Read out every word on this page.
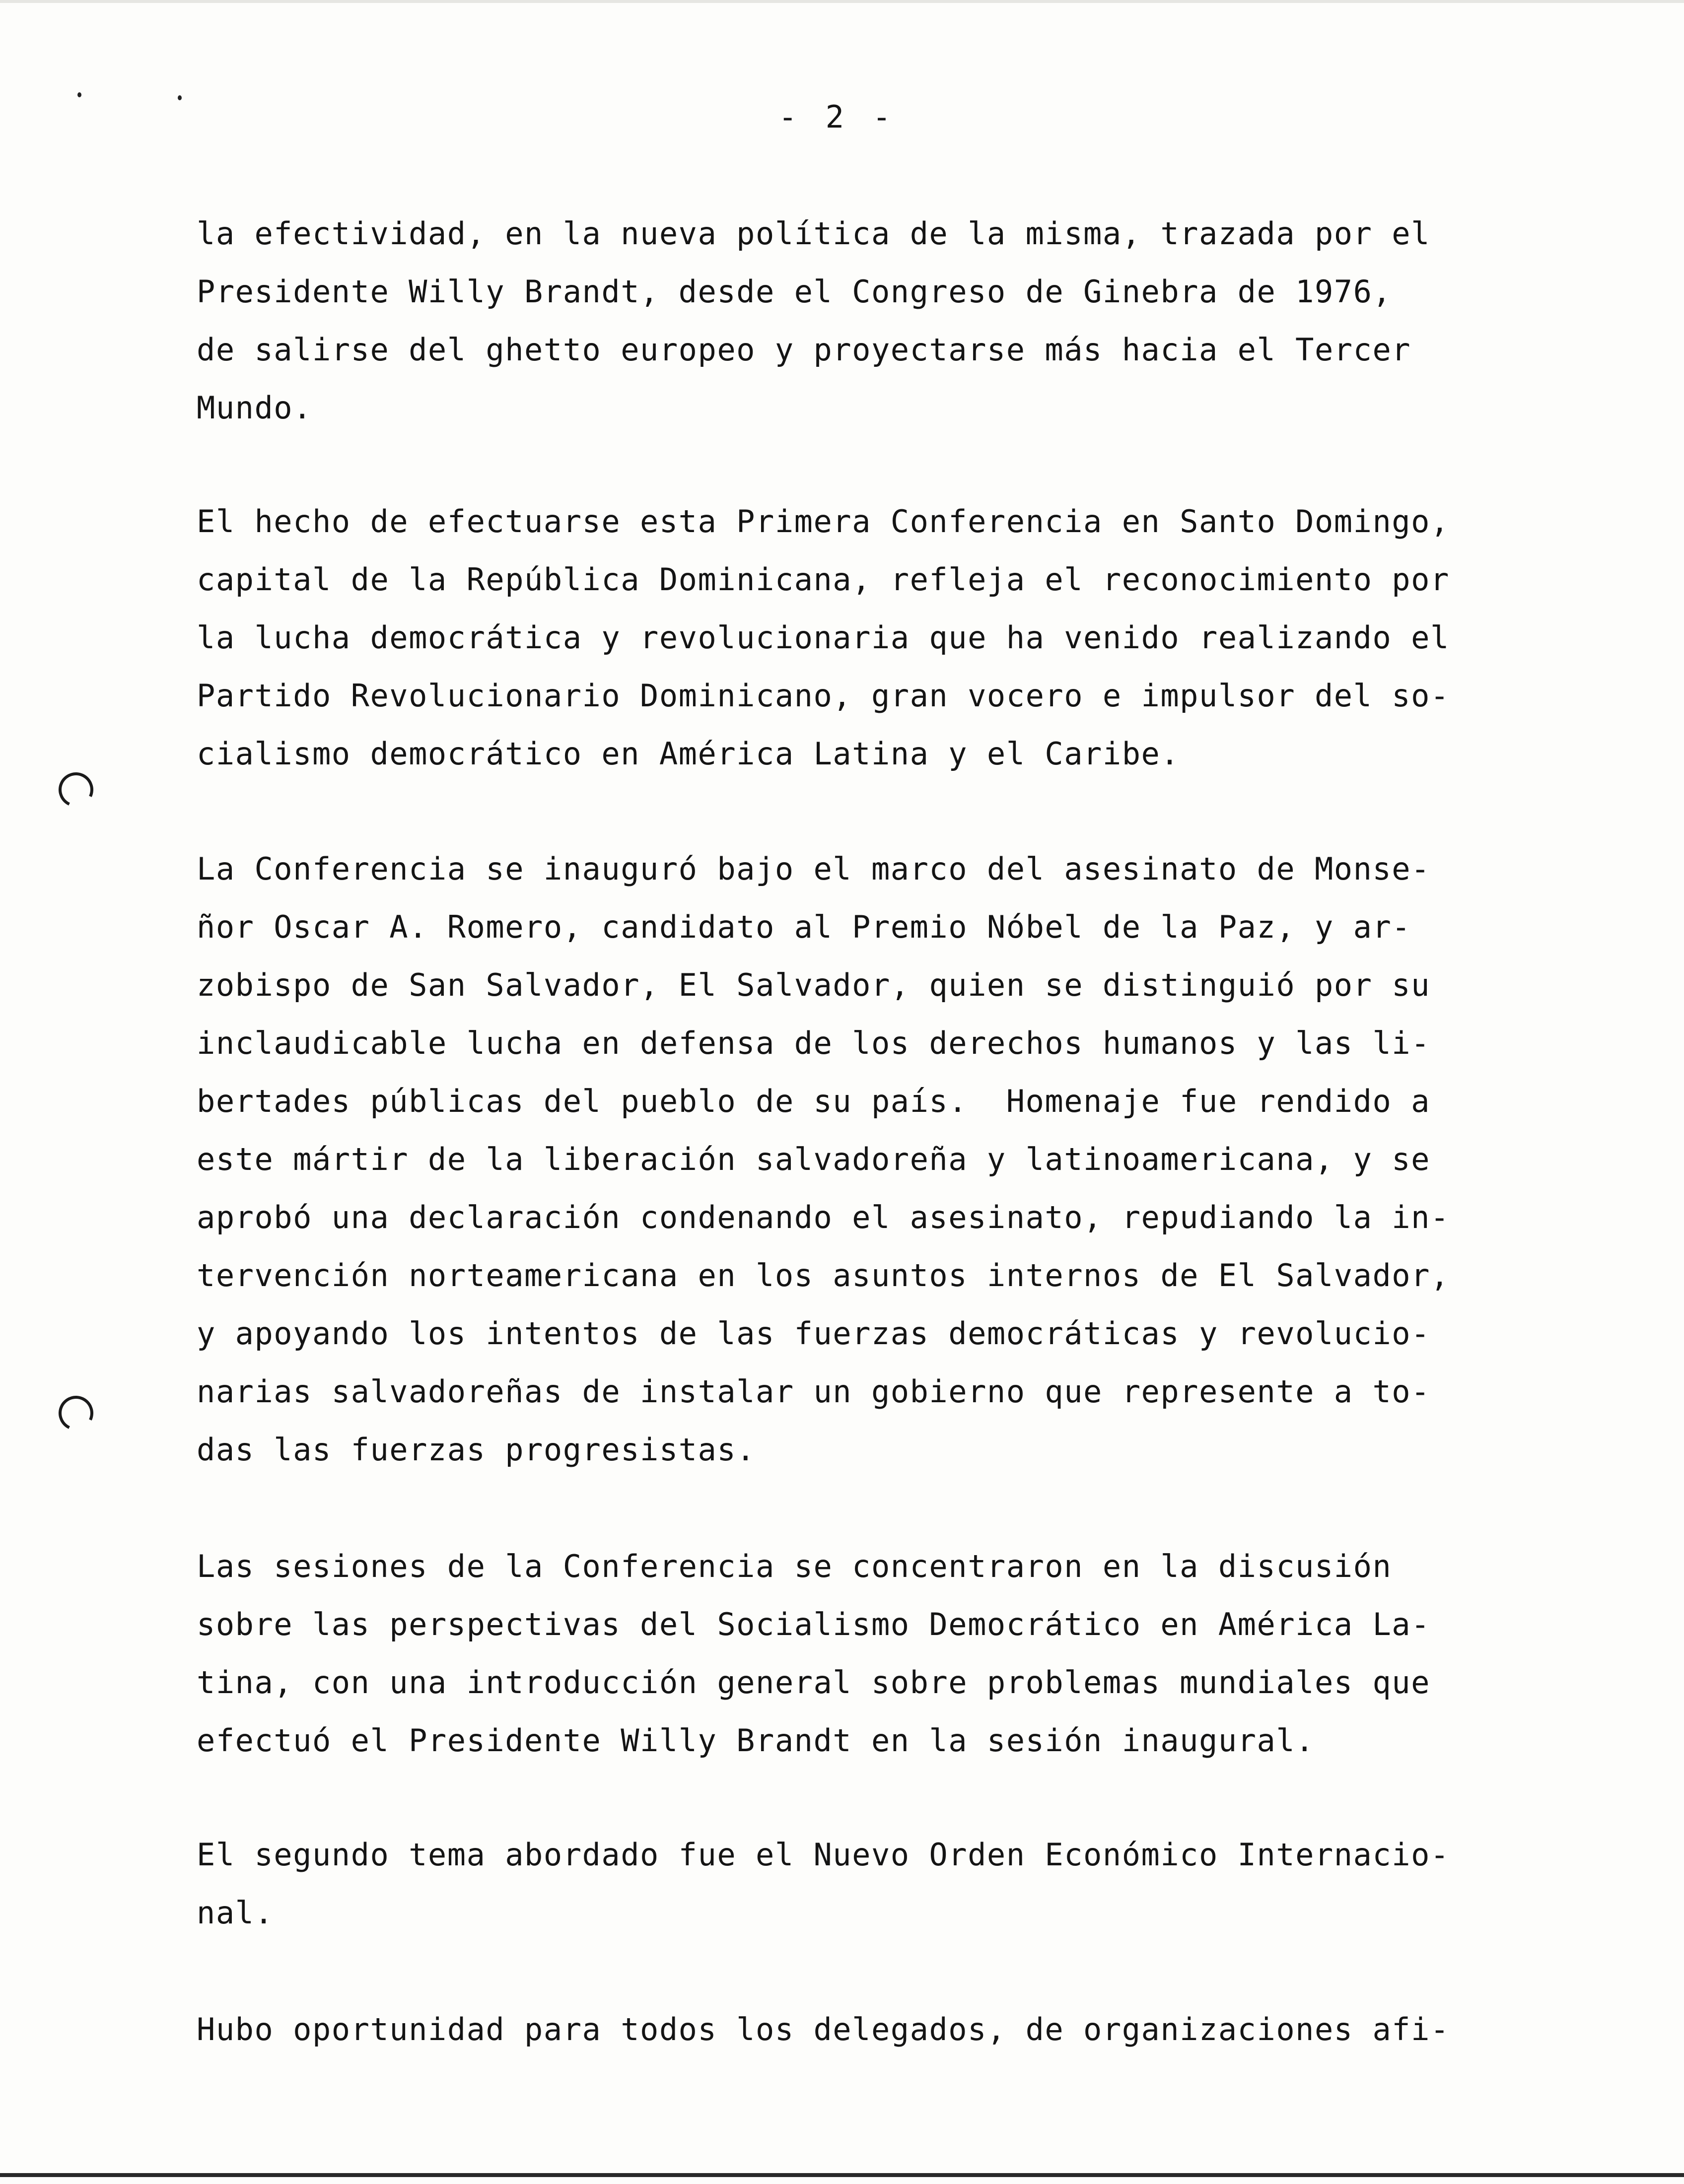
- 2 -
la efectividad, en la nueva política de la misma, trazada por el
Presidente Willy Brandt, desde el Congreso de Ginebra de 1976,
de salirse del ghetto europeo y proyectarse más hacia el Tercer
Mundo.
El hecho de efectuarse esta Primera Conferencia en Santo Domingo,
capital de la República Dominicana, refleja el reconocimiento por
la lucha democrática y revolucionaria que ha venido realizando el
Partido Revolucionario Dominicano, gran vocero e impulsor del so-
cialismo democrático en América Latina y el Caribe.
La Conferencia se inauguró bajo el marco del asesinato de Monse-
ñor Oscar A. Romero, candidato al Premio Nóbel de la Paz, y ar-
zobispo de San Salvador, El Salvador, quien se distinguió por su
inclaudicable lucha en defensa de los derechos humanos y las li-
bertades públicas del pueblo de su país.  Homenaje fue rendido a
este mártir de la liberación salvadoreña y latinoamericana, y se
aprobó una declaración condenando el asesinato, repudiando la in-
tervención norteamericana en los asuntos internos de El Salvador,
y apoyando los intentos de las fuerzas democráticas y revolucio-
narias salvadoreñas de instalar un gobierno que represente a to-
das las fuerzas progresistas.
Las sesiones de la Conferencia se concentraron en la discusión
sobre las perspectivas del Socialismo Democrático en América La-
tina, con una introducción general sobre problemas mundiales que
efectuó el Presidente Willy Brandt en la sesión inaugural.
El segundo tema abordado fue el Nuevo Orden Económico Internacio-
nal.
Hubo oportunidad para todos los delegados, de organizaciones afi-
